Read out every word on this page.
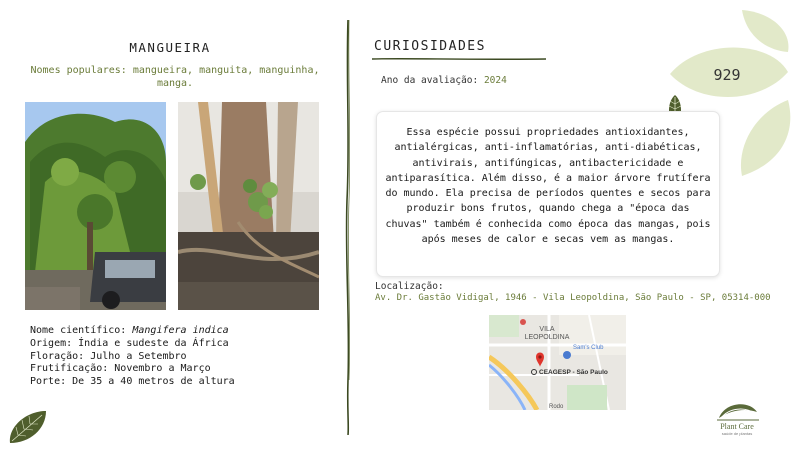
MANGUEIRA
Nomes populares: mangueira, manguita, manguinha, manga.
Nome científico: Mangifera indica
Origem: Índia e sudeste da África
Floração: Julho a Setembro
Frutificação: Novembro a Março
Porte: De 35 a 40 metros de altura
CURIOSIDADES
Ano da avaliação: 2024
Essa espécie possui propriedades antioxidantes, antialérgicas, anti-inflamatórias, anti-diabéticas, antivirais, antifúngicas, antibactericidade e antiparasítica. Além disso, é a maior árvore frutífera do mundo. Ela precisa de períodos quentes e secos para produzir bons frutos, quando chega a "época das chuvas" também é conhecida como época das mangas, pois após meses de calor e secas vem as mangas.
Localização:
Av. Dr. Gastão Vidigal, 1946 - Vila Leopoldina, São Paulo - SP, 05314-000
VILA
LEOPOLDINA
Sam's Club
CEAGESP - São Paulo
Rodo
929
Plant Care
saúde de plantas
